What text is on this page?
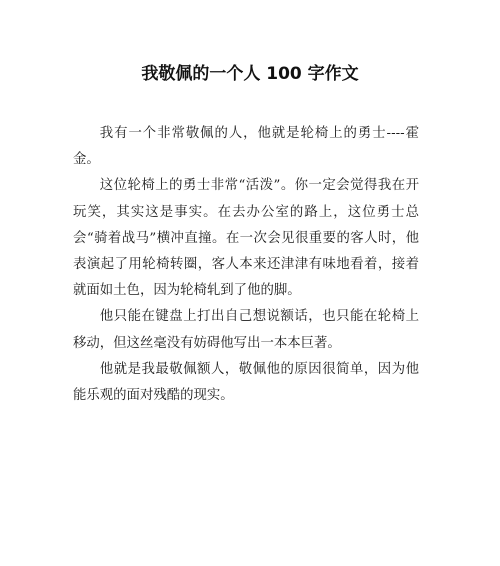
我敬佩的一个人 100 字作文

我有一个非常敬佩的人，他就是轮椅上的勇士----霍金。

这位轮椅上的勇士非常“活泼”。你一定会觉得我在开玩笑，其实这是事实。在去办公室的路上，这位勇士总会“骑着战马”横冲直撞。在一次会见很重要的客人时，他表演起了用轮椅转圈，客人本来还津津有味地看着，接着就面如土色，因为轮椅轧到了他的脚。

他只能在键盘上打出自己想说额话，也只能在轮椅上移动，但这丝毫没有妨碍他写出一本本巨著。

他就是我最敬佩额人，敬佩他的原因很简单，因为他能乐观的面对残酷的现实。
